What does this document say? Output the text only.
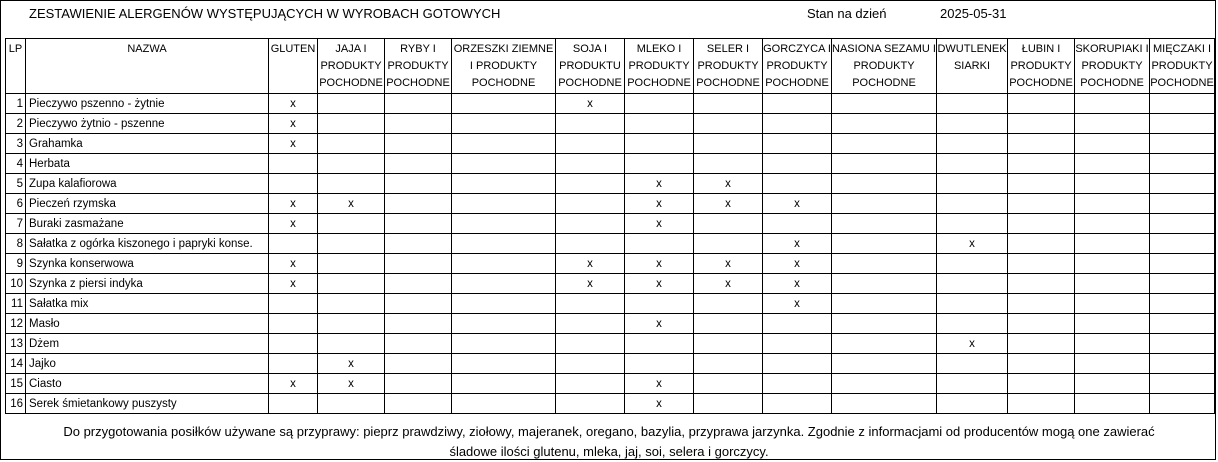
ZESTAWIENIE ALERGENÓW WYSTĘPUJĄCYCH W WYROBACH GOTOWYCH	Stan na dzień	2025-05-31
LP	NAZWA	GLUTEN	JAJA I PRODUKTY POCHODNE	RYBY I PRODUKTY POCHODNE	ORZESZKI ZIEMNE I PRODUKTY POCHODNE	SOJA I PRODUKTU POCHODNE	MLEKO I PRODUKTY POCHODNE	SELER I PRODUKTY POCHODNE	GORCZYCA I PRODUKTY POCHODNE	NASIONA SEZAMU I PRODUKTY POCHODNE	DWUTLENEK SIARKI	ŁUBIN I PRODUKTY POCHODNE	SKORUPIAKI I PRODUKTY POCHODNE	MIĘCZAKI I PRODUKTY POCHODNE

1	Pieczywo pszenno - żytnie	x				x								
2	Pieczywo żytnio - pszenne	x												
3	Grahamka	x												
4	Herbata													
5	Zupa kalafiorowa						x	x						
6	Pieczeń rzymska	x	x				x	x	x					
7	Buraki zasmażane	x					x							
8	Sałatka z ogórka kiszonego i papryki konse.								x		x			
9	Szynka konserwowa	x				x	x	x	x					
10	Szynka z piersi indyka	x				x	x	x	x					
11	Sałatka mix								x					
12	Masło						x							
13	Dżem										x			
14	Jajko		x											
15	Ciasto	x	x				x							
16	Serek śmietankowy puszysty						x							
Do przygotowania posiłków używane są przyprawy: pieprz prawdziwy, ziołowy, majeranek, oregano, bazylia, przyprawa jarzynka. Zgodnie z informacjami od producentów mogą one zawierać
śladowe ilości glutenu, mleka, jaj, soi, selera i gorczycy.
